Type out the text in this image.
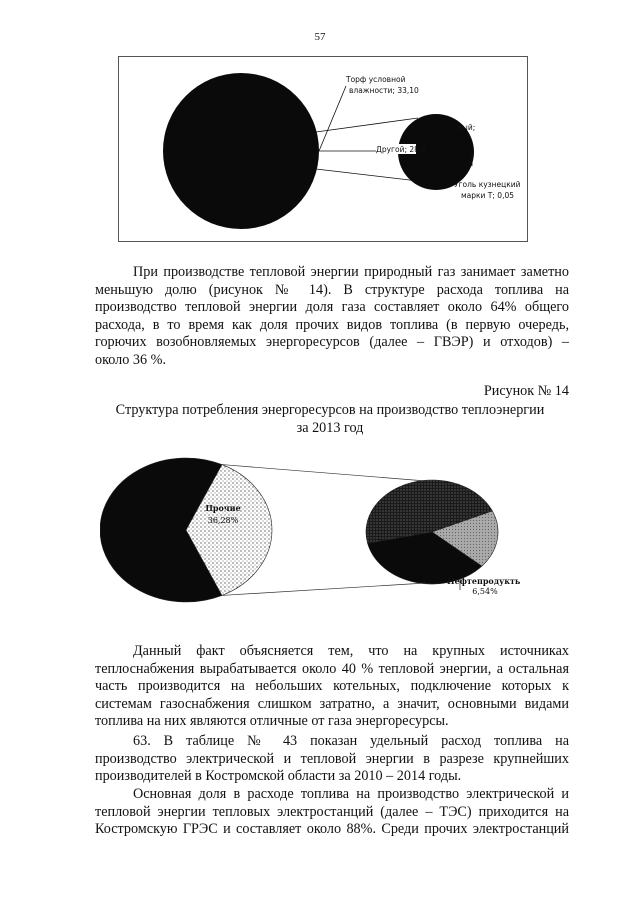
57
Торф условной
влажности; 33,10
Другой; 28,6
ный;
Уголь кузнецкий
марки Т; 0,05
При производстве тепловой энергии природный газ занимает заметно
меньшую долю (рисунок № 14). В структуре расхода топлива на
производство тепловой энергии доля газа составляет около 64% общего
расхода, в то время как доля прочих видов топлива (в первую очередь,
горючих возобновляемых энергоресурсов (далее – ГВЭР) и отходов) –
около 36 %.
Рисунок № 14
Структура потребления энергоресурсов на производство теплоэнергии
за 2013 год
Прочие
36,28%
Нефтепродукты
6,54%
Данный факт объясняется тем, что на крупных источниках
теплоснабжения вырабатывается около 40 % тепловой энергии, а остальная
часть производится на небольших котельных, подключение которых к
системам газоснабжения слишком затратно, а значит, основными видами
топлива на них являются отличные от газа энергоресурсы.
63. В таблице № 43 показан удельный расход топлива на
производство электрической и тепловой энергии в разрезе крупнейших
производителей в Костромской области за 2010 – 2014 годы.
Основная доля в расходе топлива на производство электрической и
тепловой энергии тепловых электростанций (далее – ТЭС) приходится на
Костромскую ГРЭС и составляет около 88%. Среди прочих электростанций
